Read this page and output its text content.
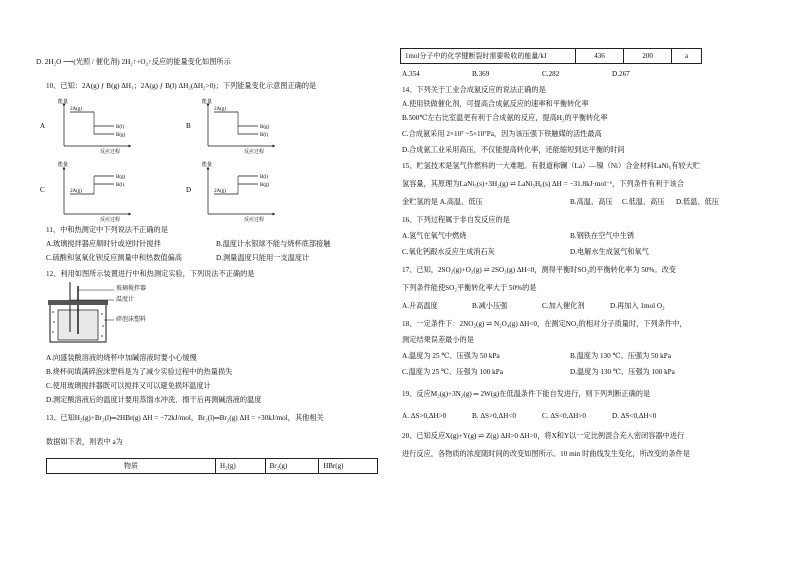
D. 2H₂O ⟶(光照 / 催化剂) 2H₂↑+O₂↑反应的能量变化如图所示
10、已知：2A(g) ƒ B(g) ΔH₁；2A(g) ƒ B(l) ΔH₂(ΔH₂>0)；下列能量变化示意图正确的是
A
能量
反应过程
2A(g)
B(l)
B(g)
B
能量
反应过程
2A(g)
B(g)
B(l)
C
能量
反应过程
2A(g)
B(g)
B(l)
D
能量
反应过程
2A(g)
B(l)
B(g)
11、中和热测定中下列说法不正确的是
A.玻璃搅拌器应顺时针或逆时针搅拌	B.温度计水银球不能与烧杯底部接触
C.硫酸和氢氧化钡反应测量中和热数值偏高	D.测量温度只能用一支温度计
12、利用如图所示装置进行中和热测定实验，下列说法不正确的是
玻璃搅拌器
温度计
碎泡沫塑料
A.向盛装酸溶液的烧杯中加碱溶液时要小心缓慢
B.烧杯间填满碎泡沫塑料是为了减少实验过程中的热量损失
C.使用玻璃搅拌器既可以搅拌又可以避免损坏温度计
D.测定酸溶液后的温度计要用蒸馏水冲洗、擦干后再测碱溶液的温度
13、已知H₂(g)+Br₂(l)═2HBr(g) ΔH = −72kJ/mol，Br₂(l)═Br₂(g) ΔH = +30kJ/mol，其他相关
数据如下表，则表中 a为
物质	H₂(g)	Br₂(g)	HBr(g)
1mol分子中的化学键断裂时需要吸收的能量/kJ	436	200	a
A.354	B.369	C.282	D.267
14、下列关于工业合成氨反应的说法正确的是
A.使用铁做催化剂，可提高合成氨反应的速率和平衡转化率
B.500℃左右比室温更有利于合成氨的反应，提高H₂的平衡转化率
C.合成氨采用 2×10⁷ ~5×10⁷Pa，因为该压强下铁触媒的活性最高
D.合成氨工业采用高压，不仅能提高转化率，还能缩短到达平衡的时间
15、贮氢技术是氢气作燃料的一大难题。有报道称镧（La）—镍（Ni）合金材料LaNi₅有较大贮
氢容量，其原理为LaNi₅(s)+3H₂(g) ⇌ LaNi₅H₆(s) ΔH = −31.8kJ·mol⁻¹，下列条件有利于该合
金贮氢的是 A.高温、低压	B.高温、高压 C.低温、高压 D.低温、低压
16、下列过程属于非自发反应的是
A.氢气在氧气中燃烧	B.钢铁在空气中生锈
C.氧化钙跟水反应生成消石灰	D.电解水生成氢气和氧气
17、已知，2SO₂(g)+O₂(g) ⇌ 2SO₃(g) ΔH<0，测得平衡时SO₂的平衡转化率为 50%。改变
下列条件能使SO₂平衡转化率大于 50%的是
A.升高温度	B.减小压强	C.加入催化剂	D.再加入 1mol O₂
18、一定条件下：2NO₂(g) ⇌ N₂O₄(g) ΔH<0，在测定NO₂的相对分子质量时，下列条件中，
测定结果误差最小的是
A.温度为 25 ℃、压强为 50 kPa	B.温度为 130 ℃、压强为 50 kPa
C.温度为 25 ℃、压强为 100 kPa	D.温度为 130 ℃、压强为 100 kPa
19、反应M₂(g)+3N₂(g) ═ 2W(g)在低温条件下能自发进行，则下列判断正确的是
A. ΔS>0,ΔH>0	B. ΔS>0,ΔH<0	C. ΔS<0,ΔH>0	D. ΔS<0,ΔH<0
20、已知反应X(g)+Y(g) ⇌ Z(g) ΔH>0 ΔH>0，将X和Y以一定比例混合充入密闭容器中进行
进行反应，各物质的浓度随时间的改变如图所示。10 min 时曲线发生变化，所改变的条件是
